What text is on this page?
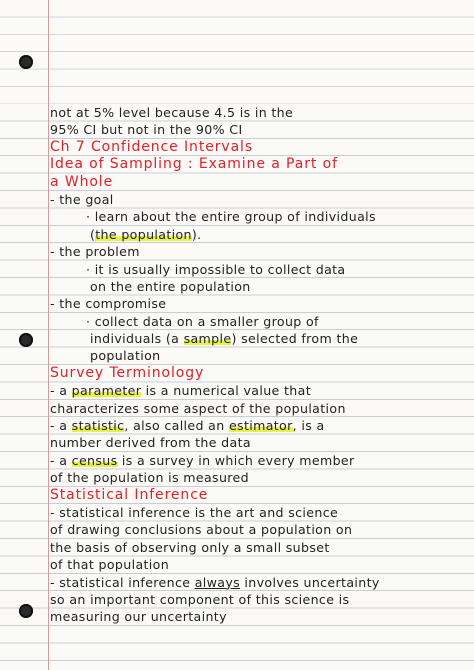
not at 5% level because 4.5 is in the
95% CI but not in the 90% CI
Ch 7 Confidence Intervals
Idea of Sampling : Examine a Part of
a Whole
- the goal
· learn about the entire group of individuals
(the population).
- the problem
· it is usually impossible to collect data
on the entire population
- the compromise
· collect data on a smaller group of
individuals (a sample) selected from the
population
Survey Terminology
- a parameter is a numerical value that
characterizes some aspect of the population
- a statistic, also called an estimator, is a
number derived from the data
- a census is a survey in which every member
of the population is measured
Statistical Inference
- statistical inference is the art and science
of drawing conclusions about a population on
the basis of observing only a small subset
of that population
- statistical inference always involves uncertainty
so an important component of this science is
measuring our uncertainty
